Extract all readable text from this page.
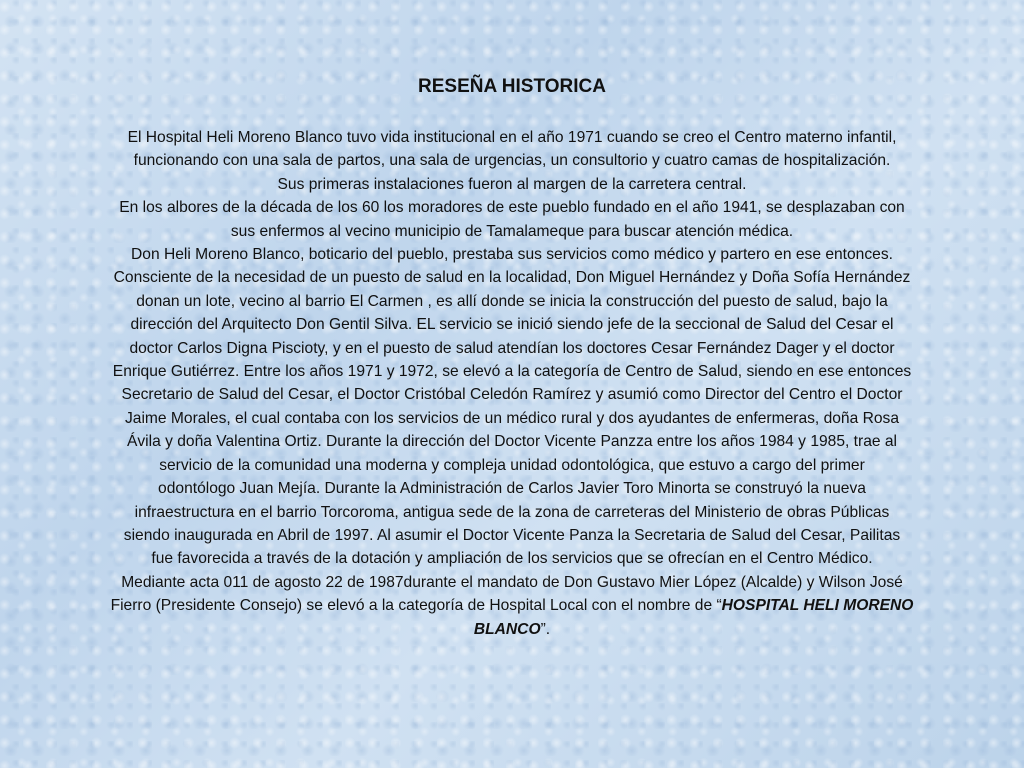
RESEÑA HISTORICA

El Hospital Heli Moreno Blanco tuvo vida institucional en el año 1971 cuando se creo el Centro materno infantil,
funcionando con una sala de partos, una sala de urgencias, un consultorio y cuatro camas de hospitalización.
Sus primeras instalaciones fueron al margen de la carretera central.
En los albores de la década de los 60 los moradores de este pueblo fundado en el año 1941, se desplazaban con
sus enfermos al vecino municipio de Tamalameque para buscar atención médica.
Don Heli Moreno Blanco, boticario del pueblo, prestaba sus servicios como médico y partero en ese entonces.
Consciente de la necesidad de un puesto de salud en la localidad, Don Miguel Hernández y Doña Sofía Hernández
donan un lote, vecino al barrio El Carmen , es allí donde se inicia la construcción del puesto de salud, bajo la
dirección del Arquitecto Don Gentil Silva. EL servicio se inició siendo jefe de la seccional de Salud del Cesar el
doctor Carlos Digna Piscioty, y en el puesto de salud atendían los doctores Cesar Fernández Dager y el doctor
Enrique Gutiérrez. Entre los años 1971 y 1972, se elevó a la categoría de Centro de Salud, siendo en ese entonces
Secretario de Salud del Cesar, el Doctor Cristóbal Celedón Ramírez y asumió como Director del Centro el Doctor
Jaime Morales, el cual contaba con los servicios de un médico rural y dos ayudantes de enfermeras, doña Rosa
Ávila y doña Valentina Ortiz. Durante la dirección del Doctor Vicente Panzza entre los años 1984 y 1985, trae al
servicio de la comunidad una moderna y compleja unidad odontológica, que estuvo a cargo del primer
odontólogo Juan Mejía. Durante la Administración de Carlos Javier Toro Minorta se construyó la nueva
infraestructura en el barrio Torcoroma, antigua sede de la zona de carreteras del Ministerio de obras Públicas
siendo inaugurada en Abril de 1997. Al asumir el Doctor Vicente Panza la Secretaria de Salud del Cesar, Pailitas
fue favorecida a través de la dotación y ampliación de los servicios que se ofrecían en el Centro Médico.
Mediante acta 011 de agosto 22 de 1987durante el mandato de Don Gustavo Mier López (Alcalde) y Wilson José
Fierro (Presidente Consejo) se elevó a la categoría de Hospital Local con el nombre de “HOSPITAL HELI MORENO
BLANCO”.
